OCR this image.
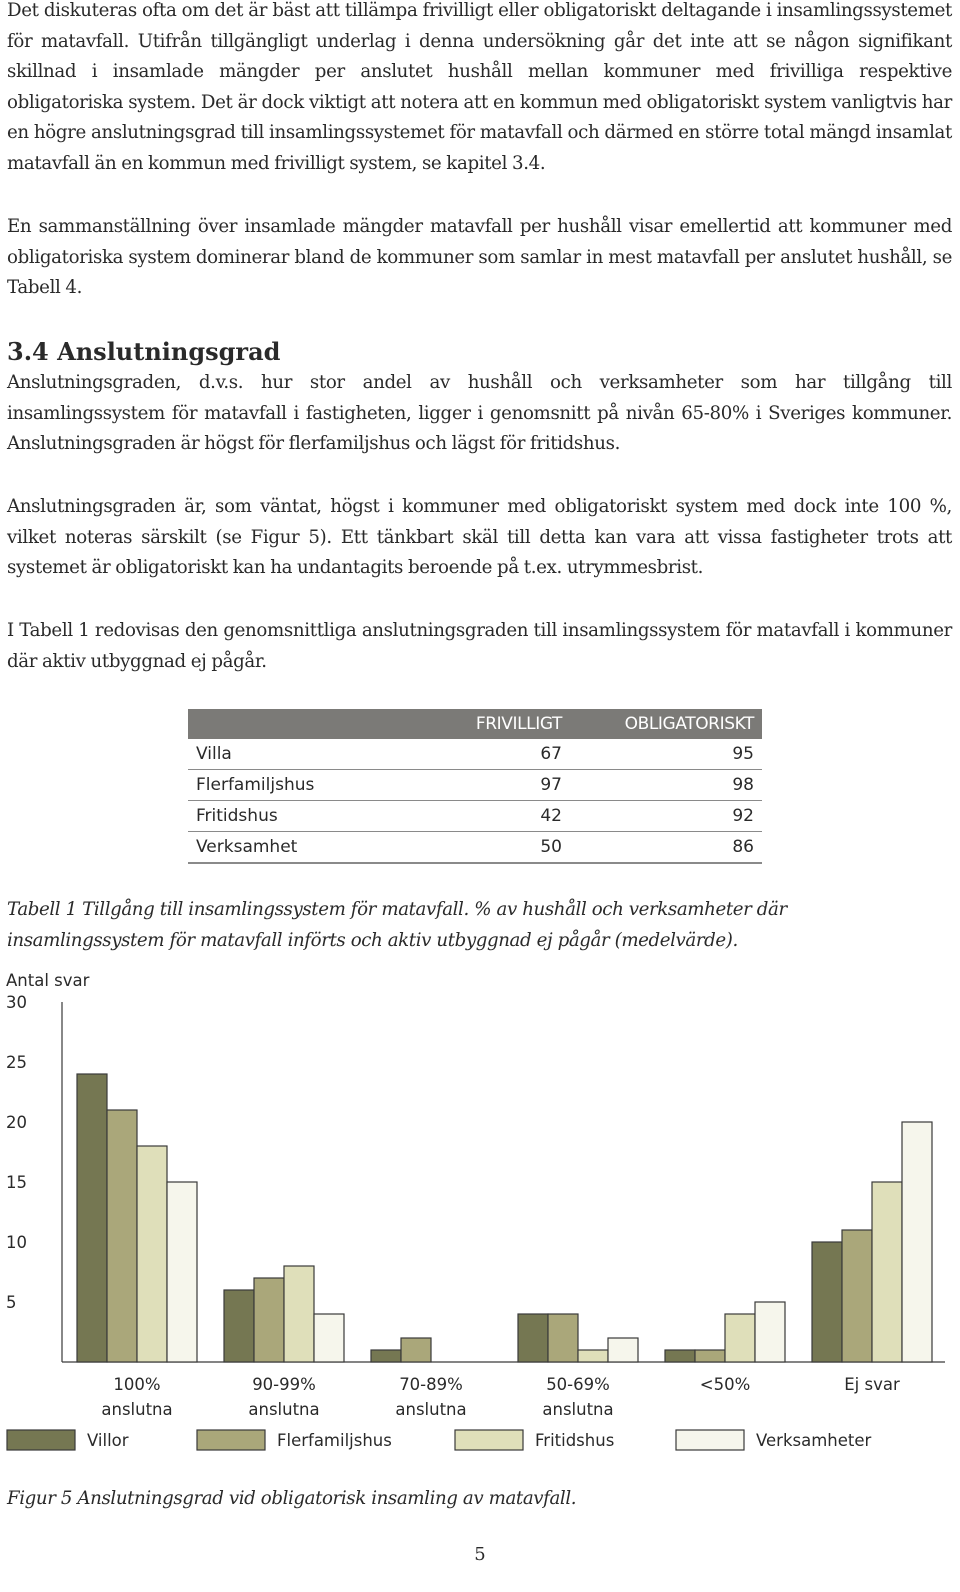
Det diskuteras ofta om det är bäst att tillämpa frivilligt eller obligatoriskt deltagande i insamlingssystemet för matavfall. Utifrån tillgängligt underlag i denna undersökning går det inte att se någon signifikant skillnad i insamlade mängder per anslutet hushåll mellan kommuner med frivilliga respektive obligatoriska system. Det är dock viktigt att notera att en kommun med obligatoriskt system vanligtvis har en högre anslutningsgrad till insamlingssystemet för matavfall och därmed en större total mängd insamlat matavfall än en kommun med frivilligt system, se kapitel 3.4.

En sammanställning över insamlade mängder matavfall per hushåll visar emellertid att kommuner med obligatoriska system dominerar bland de kommuner som samlar in mest matavfall per anslutet hushåll, se Tabell 4.

3.4 Anslutningsgrad

Anslutningsgraden, d.v.s. hur stor andel av hushåll och verksamheter som har tillgång till insamlingssystem för matavfall i fastigheten, ligger i genomsnitt på nivån 65-80% i Sveriges kommuner. Anslutningsgraden är högst för flerfamiljshus och lägst för fritidshus.

Anslutningsgraden är, som väntat, högst i kommuner med obligatoriskt system med dock inte 100 %, vilket noteras särskilt (se Figur 5). Ett tänkbart skäl till detta kan vara att vissa fastigheter trots att systemet är obligatoriskt kan ha undantagits beroende på t.ex. utrymmesbrist.

I Tabell 1 redovisas den genomsnittliga anslutningsgraden till insamlingssystem för matavfall i kommuner där aktiv utbyggnad ej pågår.

	FRIVILLIGT	OBLIGATORISKT
Villa	67	95
Flerfamiljshus	97	98
Fritidshus	42	92
Verksamhet	50	86

Tabell 1 Tillgång till insamlingssystem för matavfall. % av hushåll och verksamheter där insamlingssystem för matavfall införts och aktiv utbyggnad ej pågår (medelvärde).

Antal svar
5
10
15
20
25
30
100%
anslutna
90-99%
anslutna
70-89%
anslutna
50-69%
anslutna
<50%	Ej svar
Villor	Flerfamiljshus	Fritidshus	Verksamheter

Figur 5 Anslutningsgrad vid obligatorisk insamling av matavfall.

5
